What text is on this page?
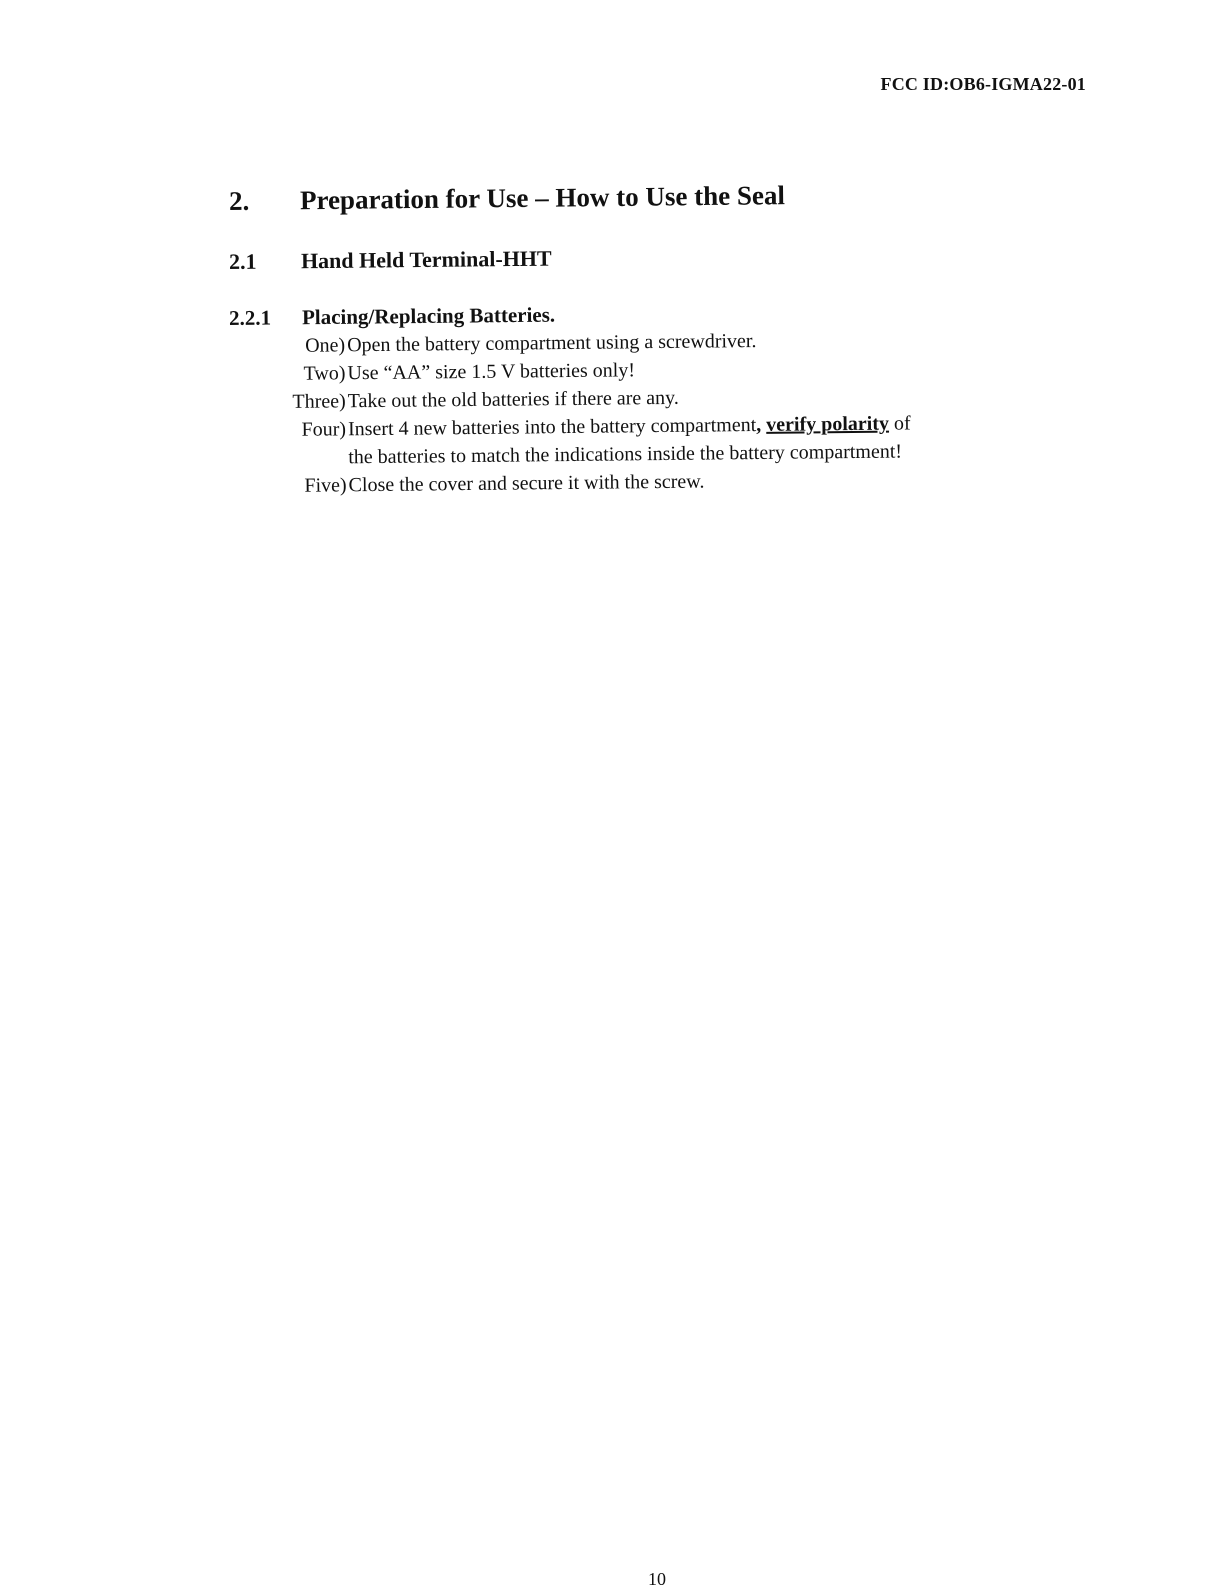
FCC ID:OB6-IGMA22-01
2. Preparation for Use – How to Use the Seal
2.1 Hand Held Terminal-HHT
2.2.1 Placing/Replacing Batteries.
One) Open the battery compartment using a screwdriver.
Two) Use “AA” size 1.5 V batteries only!
Three) Take out the old batteries if there are any.
Four) Insert 4 new batteries into the battery compartment, verify polarity of
the batteries to match the indications inside the battery compartment!
Five) Close the cover and secure it with the screw.
10
